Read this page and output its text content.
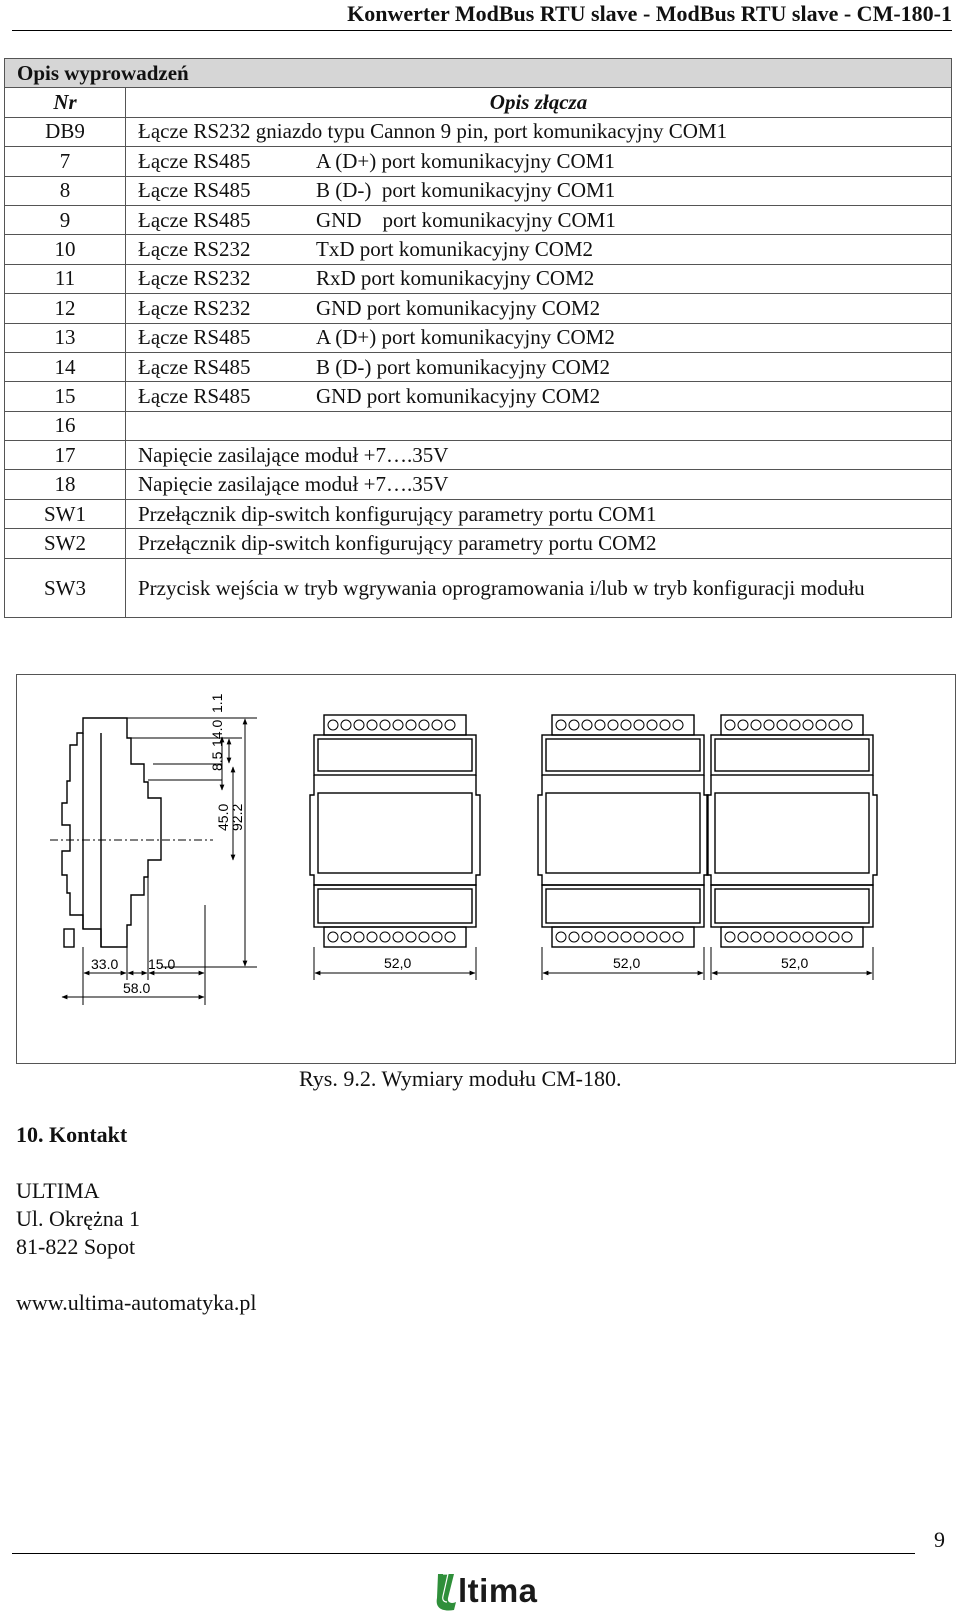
Konwerter ModBus RTU slave - ModBus RTU slave - CM-180-1
Opis wyprowadzeń	
Nr	Opis złącza
DB9	Łącze RS232 gniazdo typu Cannon 9 pin, port komunikacyjny COM1
7	Łącze RS485 A (D+) port komunikacyjny COM1
8	Łącze RS485 B (D-)  port komunikacyjny COM1
9	Łącze RS485 GND    port komunikacyjny COM1
10	Łącze RS232 TxD port komunikacyjny COM2
11	Łącze RS232 RxD port komunikacyjny COM2
12	Łącze RS232 GND port komunikacyjny COM2
13	Łącze RS485 A (D+) port komunikacyjny COM2
14	Łącze RS485 B (D-) port komunikacyjny COM2
15	Łącze RS485 GND port komunikacyjny COM2
16	
17	Napięcie zasilające moduł +7….35V
18	Napięcie zasilające moduł +7….35V
SW1	Przełącznik dip-switch konfigurujący parametry portu COM1
SW2	Przełącznik dip-switch konfigurujący parametry portu COM2
SW3	Przycisk wejścia w tryb wgrywania oprogramowania i/lub w tryb konfiguracji modułu
8.5
14.0
1.1
45.0
92.2
33.0 15.0
58.0
52,0	52,0	52,0
Rys. 9.2. Wymiary modułu CM-180.
10. Kontakt
ULTIMA
Ul. Okrężna 1
81-822 Sopot
www.ultima-automatyka.pl
9
ltima
